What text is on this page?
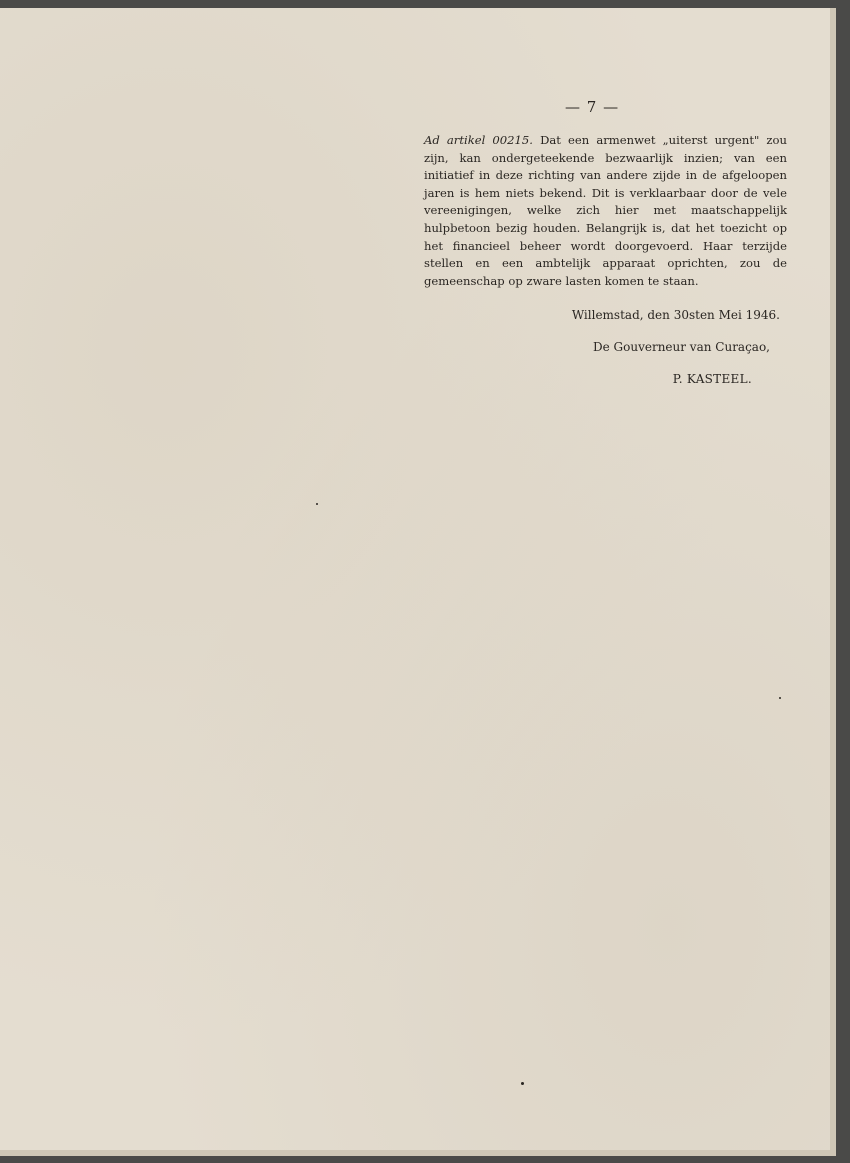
— 7 —

Ad artikel 00215. Dat een armenwet „uiterst urgent" zou zijn, kan ondergeteekende bezwaarlijk inzien; van een initiatief in deze richting van andere zijde in de afgeloopen jaren is hem niets bekend. Dit is verklaarbaar door de vele vereenigingen, welke zich hier met maatschappelijk hulpbetoon bezig houden. Belangrijk is, dat het toezicht op het financieel beheer wordt doorgevoerd. Haar terzijde stellen en een ambtelijk apparaat oprichten, zou de gemeenschap op zware lasten komen te staan.

Willemstad, den 30sten Mei 1946.
De Gouverneur van Curaçao,
P. KASTEEL.
